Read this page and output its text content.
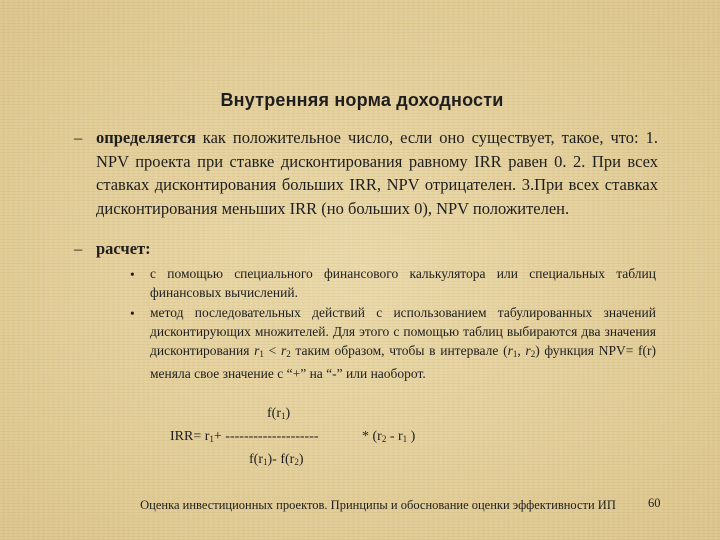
Внутренняя норма доходности
– определяется как положительное число, если оно существует, такое, что: 1. NPV проекта при ставке дисконтирования равному IRR равен 0. 2. При всех ставках дисконтирования больших IRR, NPV отрицателен. 3.При всех ставках дисконтирования меньших IRR (но больших 0), NPV положителен.
– расчет:
• с помощью специального финансового калькулятора или специальных таблиц финансовых вычислений.
• метод последовательных действий с использованием табулированных значений дисконтирующих множителей. Для этого с помощью таблиц выбираются два значения дисконтирования $r_1 < r_2$ таким образом, чтобы в интервале ($r_1$, $r_2$) функция NPV= f(r) меняла свое значение с “+” на “-” или наоборот.
$f(r_1)$
$IRR= r_1+$ --------------------	* ($r_2 - r_1$ )
$f(r_1)-$ $f(r_2)$
Оценка инвестиционных проектов. Принципы и обоснование оценки эффективности ИП	60
